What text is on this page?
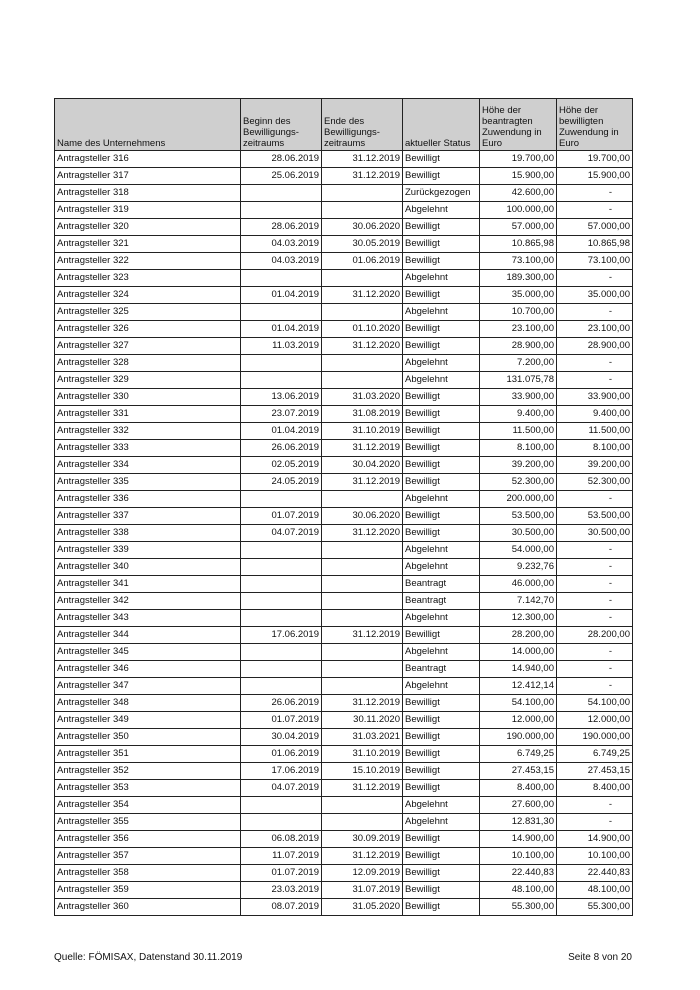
Name des Unternehmens	Beginn des Bewilligungs-zeitraums	Ende des Bewilligungs-zeitraums	aktueller Status	Höhe der beantragten Zuwendung in Euro	Höhe der bewilligten Zuwendung in Euro
Antragsteller 316	28.06.2019	31.12.2019	Bewilligt	19.700,00	19.700,00
Antragsteller 317	25.06.2019	31.12.2019	Bewilligt	15.900,00	15.900,00
Antragsteller 318			Zurückgezogen	42.600,00	-
Antragsteller 319			Abgelehnt	100.000,00	-
Antragsteller 320	28.06.2019	30.06.2020	Bewilligt	57.000,00	57.000,00
Antragsteller 321	04.03.2019	30.05.2019	Bewilligt	10.865,98	10.865,98
Antragsteller 322	04.03.2019	01.06.2019	Bewilligt	73.100,00	73.100,00
Antragsteller 323			Abgelehnt	189.300,00	-
Antragsteller 324	01.04.2019	31.12.2020	Bewilligt	35.000,00	35.000,00
Antragsteller 325			Abgelehnt	10.700,00	-
Antragsteller 326	01.04.2019	01.10.2020	Bewilligt	23.100,00	23.100,00
Antragsteller 327	11.03.2019	31.12.2020	Bewilligt	28.900,00	28.900,00
Antragsteller 328			Abgelehnt	7.200,00	-
Antragsteller 329			Abgelehnt	131.075,78	-
Antragsteller 330	13.06.2019	31.03.2020	Bewilligt	33.900,00	33.900,00
Antragsteller 331	23.07.2019	31.08.2019	Bewilligt	9.400,00	9.400,00
Antragsteller 332	01.04.2019	31.10.2019	Bewilligt	11.500,00	11.500,00
Antragsteller 333	26.06.2019	31.12.2019	Bewilligt	8.100,00	8.100,00
Antragsteller 334	02.05.2019	30.04.2020	Bewilligt	39.200,00	39.200,00
Antragsteller 335	24.05.2019	31.12.2019	Bewilligt	52.300,00	52.300,00
Antragsteller 336			Abgelehnt	200.000,00	-
Antragsteller 337	01.07.2019	30.06.2020	Bewilligt	53.500,00	53.500,00
Antragsteller 338	04.07.2019	31.12.2020	Bewilligt	30.500,00	30.500,00
Antragsteller 339			Abgelehnt	54.000,00	-
Antragsteller 340			Abgelehnt	9.232,76	-
Antragsteller 341			Beantragt	46.000,00	-
Antragsteller 342			Beantragt	7.142,70	-
Antragsteller 343			Abgelehnt	12.300,00	-
Antragsteller 344	17.06.2019	31.12.2019	Bewilligt	28.200,00	28.200,00
Antragsteller 345			Abgelehnt	14.000,00	-
Antragsteller 346			Beantragt	14.940,00	-
Antragsteller 347			Abgelehnt	12.412,14	-
Antragsteller 348	26.06.2019	31.12.2019	Bewilligt	54.100,00	54.100,00
Antragsteller 349	01.07.2019	30.11.2020	Bewilligt	12.000,00	12.000,00
Antragsteller 350	30.04.2019	31.03.2021	Bewilligt	190.000,00	190.000,00
Antragsteller 351	01.06.2019	31.10.2019	Bewilligt	6.749,25	6.749,25
Antragsteller 352	17.06.2019	15.10.2019	Bewilligt	27.453,15	27.453,15
Antragsteller 353	04.07.2019	31.12.2019	Bewilligt	8.400,00	8.400,00
Antragsteller 354			Abgelehnt	27.600,00	-
Antragsteller 355			Abgelehnt	12.831,30	-
Antragsteller 356	06.08.2019	30.09.2019	Bewilligt	14.900,00	14.900,00
Antragsteller 357	11.07.2019	31.12.2019	Bewilligt	10.100,00	10.100,00
Antragsteller 358	01.07.2019	12.09.2019	Bewilligt	22.440,83	22.440,83
Antragsteller 359	23.03.2019	31.07.2019	Bewilligt	48.100,00	48.100,00
Antragsteller 360	08.07.2019	31.05.2020	Bewilligt	55.300,00	55.300,00
Quelle: FÖMISAX, Datenstand 30.11.2019	Seite 8 von 20
